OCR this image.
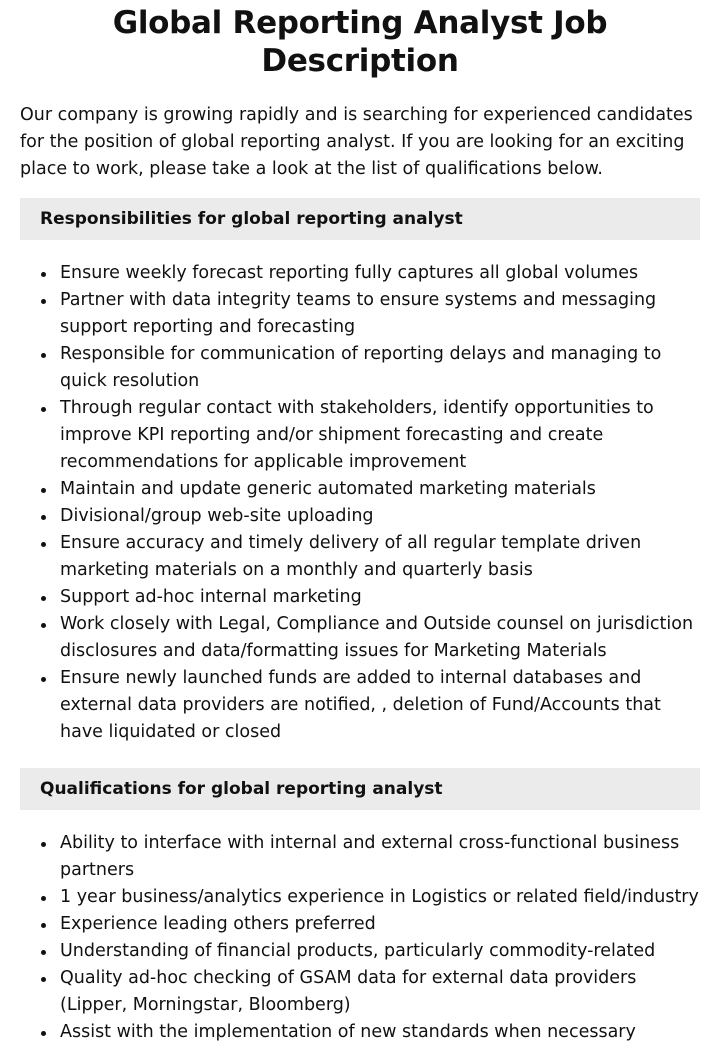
Global Reporting Analyst Job Description

Our company is growing rapidly and is searching for experienced candidates for the position of global reporting analyst. If you are looking for an exciting place to work, please take a look at the list of qualifications below.

Responsibilities for global reporting analyst
Ensure weekly forecast reporting fully captures all global volumes
Partner with data integrity teams to ensure systems and messaging support reporting and forecasting
Responsible for communication of reporting delays and managing to quick resolution
Through regular contact with stakeholders, identify opportunities to improve KPI reporting and/or shipment forecasting and create recommendations for applicable improvement
Maintain and update generic automated marketing materials
Divisional/group web-site uploading
Ensure accuracy and timely delivery of all regular template driven marketing materials on a monthly and quarterly basis
Support ad-hoc internal marketing
Work closely with Legal, Compliance and Outside counsel on jurisdiction disclosures and data/formatting issues for Marketing Materials
Ensure newly launched funds are added to internal databases and external data providers are notified, , deletion of Fund/Accounts that have liquidated or closed
Qualifications for global reporting analyst
Ability to interface with internal and external cross-functional business partners
1 year business/analytics experience in Logistics or related field/industry
Experience leading others preferred
Understanding of financial products, particularly commodity-related
Quality ad-hoc checking of GSAM data for external data providers (Lipper, Morningstar, Bloomberg)
Assist with the implementation of new standards when necessary
